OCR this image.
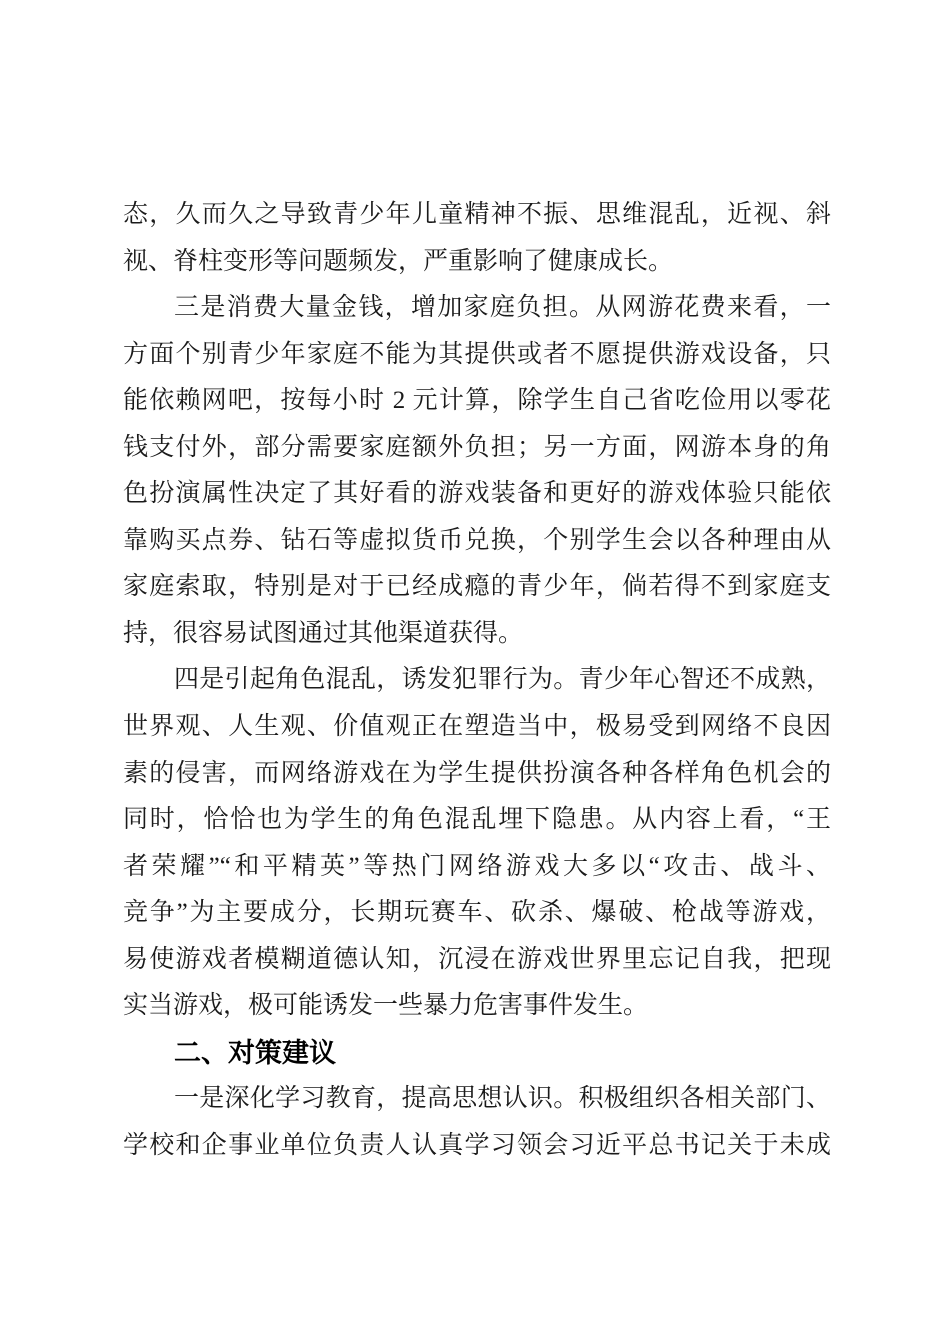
态，久而久之导致青少年儿童精神不振、思维混乱，近视、斜
视、脊柱变形等问题频发，严重影响了健康成长。
三是消费大量金钱，增加家庭负担。从网游花费来看，一
方面个别青少年家庭不能为其提供或者不愿提供游戏设备，只
能依赖网吧，按每小时 2 元计算，除学生自己省吃俭用以零花
钱支付外，部分需要家庭额外负担；另一方面，网游本身的角
色扮演属性决定了其好看的游戏装备和更好的游戏体验只能依
靠购买点券、钻石等虚拟货币兑换，个别学生会以各种理由从
家庭索取，特别是对于已经成瘾的青少年，倘若得不到家庭支
持，很容易试图通过其他渠道获得。
四是引起角色混乱，诱发犯罪行为。青少年心智还不成熟，
世界观、人生观、价值观正在塑造当中，极易受到网络不良因
素的侵害，而网络游戏在为学生提供扮演各种各样角色机会的
同时，恰恰也为学生的角色混乱埋下隐患。从内容上看，“王
者荣耀”“和平精英”等热门网络游戏大多以“攻击、战斗、
竞争”为主要成分，长期玩赛车、砍杀、爆破、枪战等游戏，
易使游戏者模糊道德认知，沉浸在游戏世界里忘记自我，把现
实当游戏，极可能诱发一些暴力危害事件发生。
二、对策建议
一是深化学习教育，提高思想认识。积极组织各相关部门、
学校和企事业单位负责人认真学习领会习近平总书记关于未成
